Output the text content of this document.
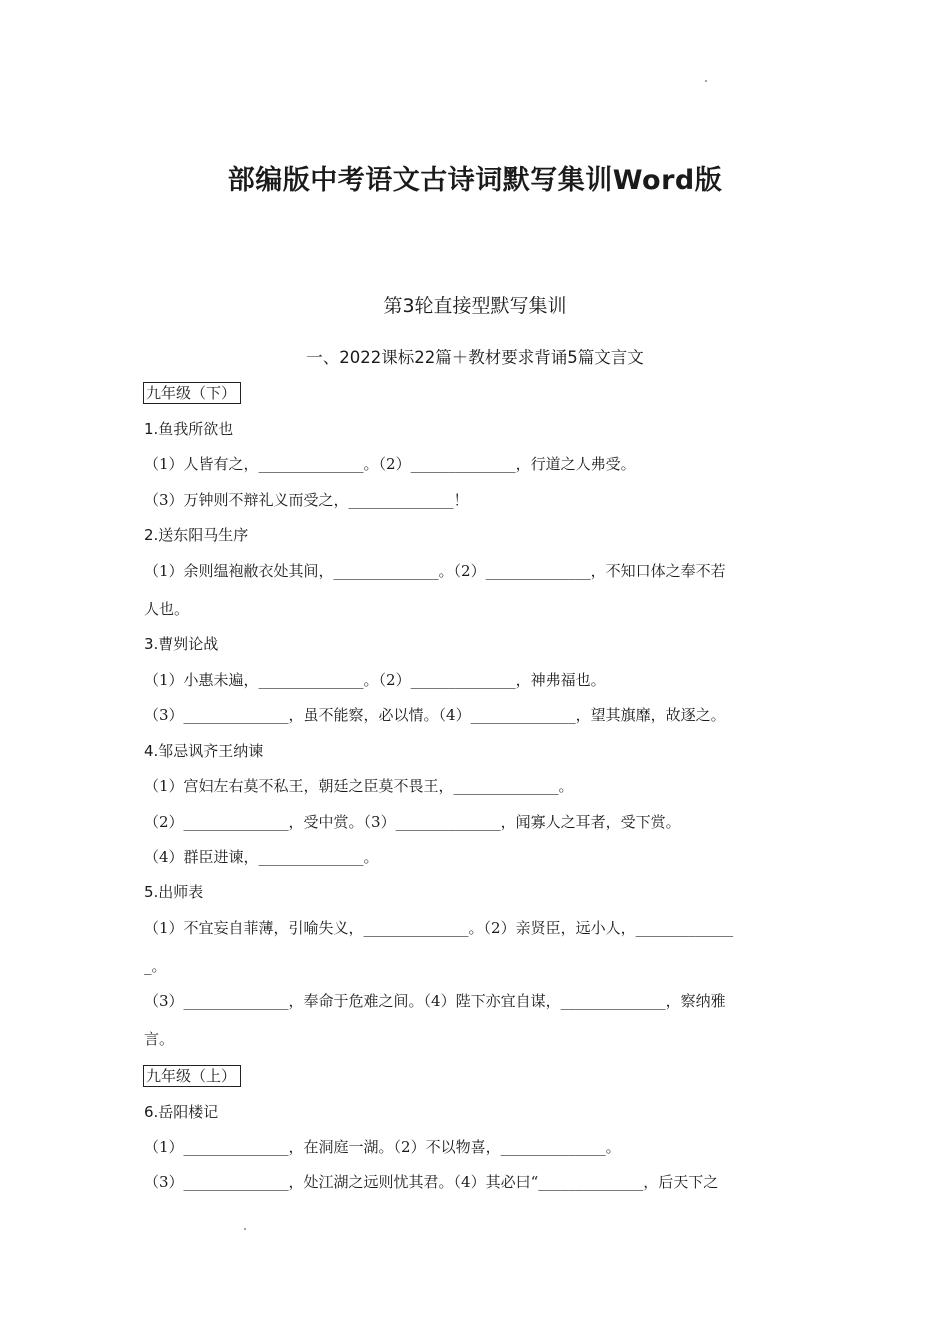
部编版中考语文古诗词默写集训Word版
第3轮直接型默写集训
一、2022课标22篇＋教材要求背诵5篇文言文
九年级（下）
1.鱼我所欲也
（1）人皆有之，______________。（2）______________，行道之人弗受。
（3）万钟则不辩礼义而受之，______________！
2.送东阳马生序
（1）余则缊袍敝衣处其间，______________。（2）______________，不知口体之奉不若
人也。
3.曹刿论战
（1）小惠未遍，______________。（2）______________，神弗福也。
（3）______________，虽不能察，必以情。（4）______________，望其旗靡，故逐之。
4.邹忌讽齐王纳谏
（1）宫妇左右莫不私王，朝廷之臣莫不畏王，______________。
（2）______________，受中赏。（3）______________，闻寡人之耳者，受下赏。
（4）群臣进谏，______________。
5.出师表
（1）不宜妄自菲薄，引喻失义，______________。（2）亲贤臣，远小人，_____________
_。
（3）______________，奉命于危难之间。（4）陛下亦宜自谋，______________，察纳雅
言。
九年级（上）
6.岳阳楼记
（1）______________，在洞庭一湖。（2）不以物喜，______________。
（3）______________，处江湖之远则忧其君。（4）其必曰“______________，后天下之
